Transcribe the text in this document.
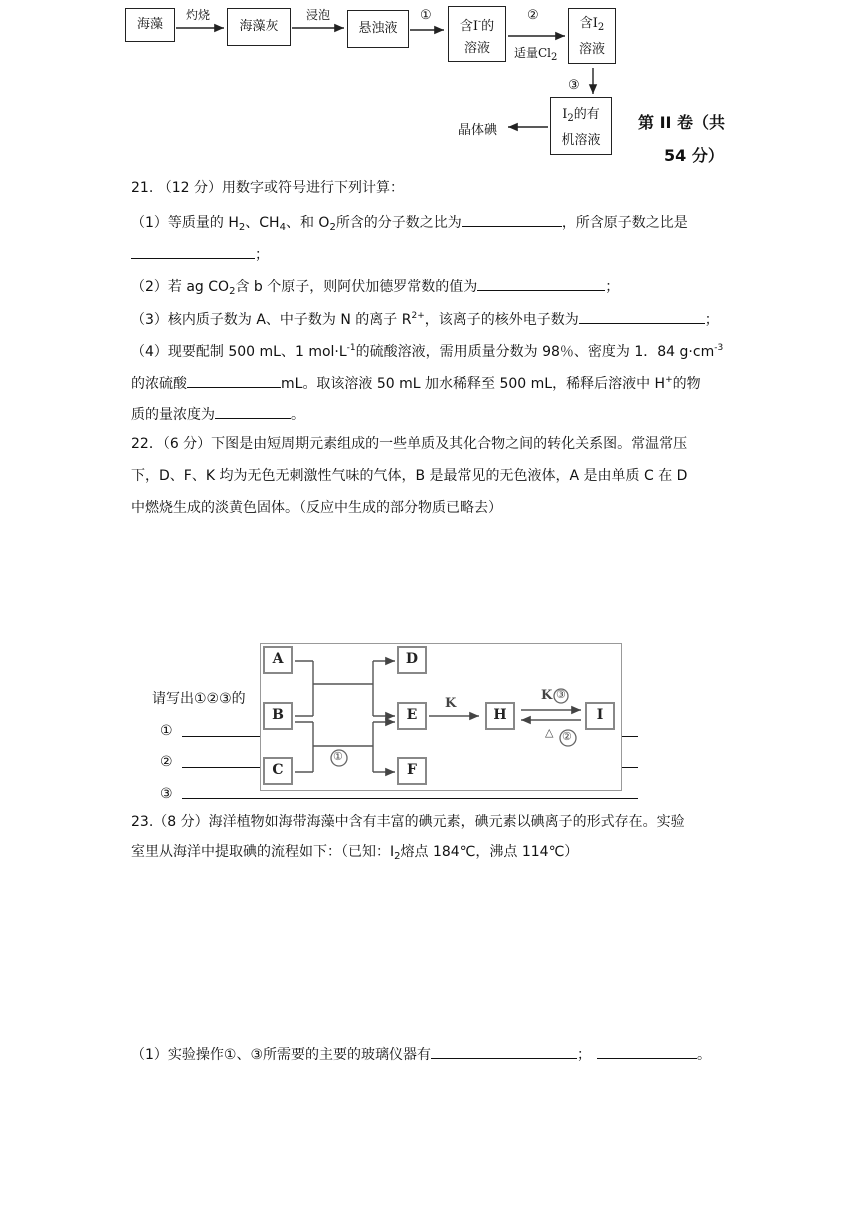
海藻
灼烧
海藻灰
浸泡
悬浊液
①
含I-的
溶液
②
适量$Cl_2$
含$I_2$
溶液
③
$I_2$的有
机溶液
晶体碘	第 II 卷（共
54 分）
21. （12 分）用数字或符号进行下列计算：
（1）等质量的 $H_2$、$CH_4$、和 $O_2$所含的分子数之比为	，所含原子数之比是
；
（2）若 ag $CO_2$含 b 个原子，则阿伏加德罗常数的值为	；
（3）核内质子数为 A、中子数为 N 的离子 $R^{2+}$，该离子的核外电子数为	；
（4）现要配制 500 mL、1 $mol\cdot L^{-1}$的硫酸溶液，需用质量分数为 98％、密度为 1．84 $g\cdot cm^{-3}$
的浓硫酸	mL。取该溶液 50 mL 加水稀释至 500 mL，稀释后溶液中 H+的物
质的量浓度为	。
22．（6 分）下图是由短周期元素组成的一些单质及其化合物之间的转化关系图。常温常压
下，D、F、K 均为无色无刺激性气味的气体，B 是最常见的无色液体，A 是由单质 C 在 D
中燃烧生成的淡黄色固体。（反应中生成的部分物质已略去）
请写出①②③的
①
②
③
A
B
C
D
E
F
H	I
K
K
①
③
△ ②
23.（8 分）海洋植物如海带海藻中含有丰富的碘元素，碘元素以碘离子的形式存在。实验
室里从海洋中提取碘的流程如下：（已知：$I_2$熔点 184℃，沸点 114℃）
（1）实验操作①、③所需要的主要的玻璃仪器有	；	。
